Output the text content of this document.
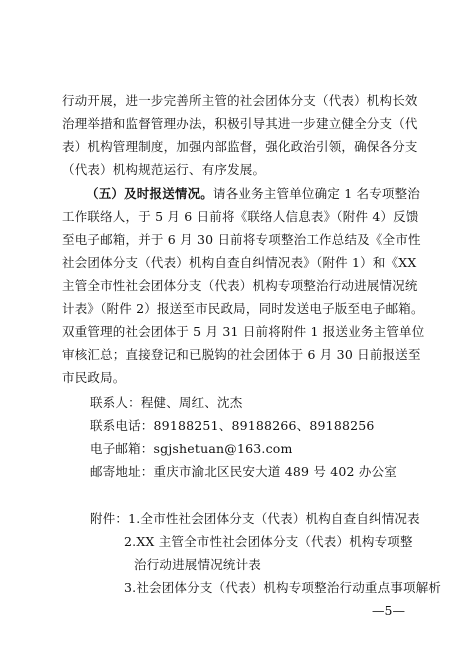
行动开展，进一步完善所主管的社会团体分支（代表）机构长效
治理举措和监督管理办法，积极引导其进一步建立健全分支（代
表）机构管理制度，加强内部监督，强化政治引领，确保各分支
（代表）机构规范运行、有序发展。
（五）及时报送情况。请各业务主管单位确定 1 名专项整治
工作联络人，于 5 月 6 日前将《联络人信息表》（附件 4）反馈
至电子邮箱，并于 6 月 30 日前将专项整治工作总结及《全市性
社会团体分支（代表）机构自查自纠情况表》（附件 1）和《XX
主管全市性社会团体分支（代表）机构专项整治行动进展情况统
计表》（附件 2）报送至市民政局，同时发送电子版至电子邮箱。
双重管理的社会团体于 5 月 31 日前将附件 1 报送业务主管单位
审核汇总；直接登记和已脱钩的社会团体于 6 月 30 日前报送至
市民政局。
联系人：程健、周红、沈杰
联系电话：89188251、89188266、89188256
电子邮箱：sgjshetuan@163.com
邮寄地址：重庆市渝北区民安大道 489 号 402 办公室
附件：1.全市性社会团体分支（代表）机构自查自纠情况表
2.XX 主管全市性社会团体分支（代表）机构专项整
治行动进展情况统计表
3.社会团体分支（代表）机构专项整治行动重点事项解析
—5—
